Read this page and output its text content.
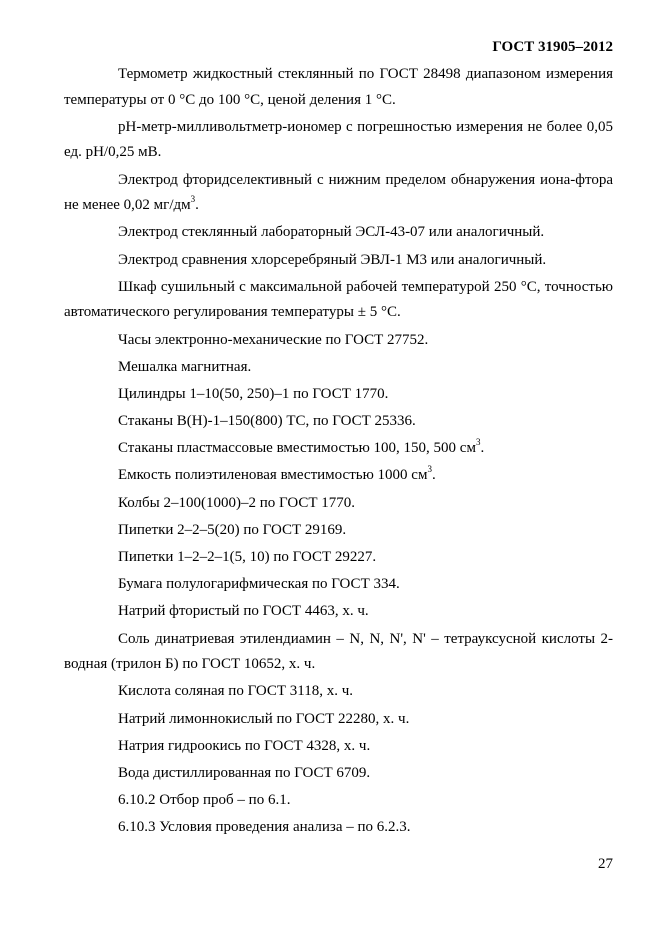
ГОСТ 31905–2012

Термометр жидкостный стеклянный по ГОСТ 28498 диапазоном измерения температуры от 0 °С до 100 °С, ценой деления 1 °С.

рН-метр-милливольтметр-иономер с погрешностью измерения не более 0,05 ед. рН/0,25 мВ.

Электрод фторидселективный с нижним пределом обнаружения иона-фтора не менее 0,02 $мг/дм^3$.

Электрод стеклянный лабораторный ЭСЛ-43-07 или аналогичный.

Электрод сравнения хлорсеребряный ЭВЛ-1 М3 или аналогичный.

Шкаф сушильный с максимальной рабочей температурой 250 °С, точностью автоматического регулирования температуры ± 5 °С.

Часы электронно-механические по ГОСТ 27752.

Мешалка магнитная.

Цилиндры 1–10(50, 250)–1 по ГОСТ 1770.

Стаканы В(Н)-1–150(800) ТС, по ГОСТ 25336.

Стаканы пластмассовые вместимостью 100, 150, 500 $см^3$.

Емкость полиэтиленовая вместимостью 1000 $см^3$.

Колбы 2–100(1000)–2 по ГОСТ 1770.

Пипетки 2–2–5(20) по ГОСТ 29169.

Пипетки 1–2–2–1(5, 10) по ГОСТ 29227.

Бумага полулогарифмическая по ГОСТ 334.

Натрий фтористый по ГОСТ 4463, х. ч.

Соль динатриевая этилендиамин – N, N, N', N' – тетрауксусной кислоты 2-водная (трилон Б) по ГОСТ 10652, х. ч.

Кислота соляная по ГОСТ 3118, х. ч.

Натрий лимоннокислый по ГОСТ 22280, х. ч.

Натрия гидроокись по ГОСТ 4328, х. ч.

Вода дистиллированная по ГОСТ 6709.

6.10.2 Отбор проб – по 6.1.

6.10.3 Условия проведения анализа – по 6.2.3.

27
